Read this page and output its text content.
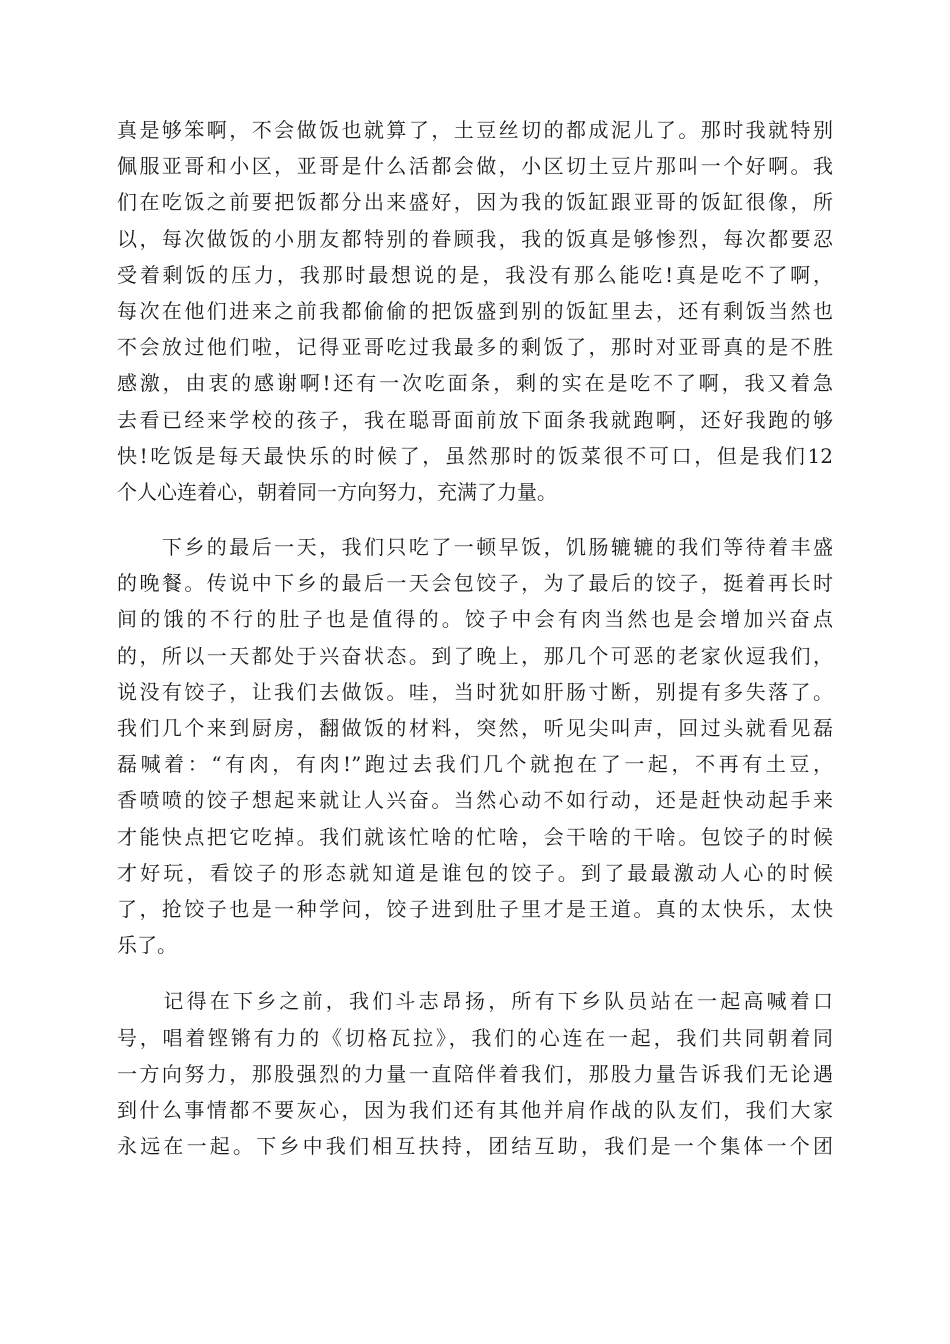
真是够笨啊，不会做饭也就算了，土豆丝切的都成泥儿了。那时我就特别
佩服亚哥和小区，亚哥是什么活都会做，小区切土豆片那叫一个好啊。我
们在吃饭之前要把饭都分出来盛好，因为我的饭缸跟亚哥的饭缸很像，所
以，每次做饭的小朋友都特别的眷顾我，我的饭真是够惨烈，每次都要忍
受着剩饭的压力，我那时最想说的是，我没有那么能吃!真是吃不了啊，
每次在他们进来之前我都偷偷的把饭盛到别的饭缸里去，还有剩饭当然也
不会放过他们啦，记得亚哥吃过我最多的剩饭了，那时对亚哥真的是不胜
感激，由衷的感谢啊!还有一次吃面条，剩的实在是吃不了啊，我又着急
去看已经来学校的孩子，我在聪哥面前放下面条我就跑啊，还好我跑的够
快!吃饭是每天最快乐的时候了，虽然那时的饭菜很不可口，但是我们12
个人心连着心，朝着同一方向努力，充满了力量。

　　下乡的最后一天，我们只吃了一顿早饭，饥肠辘辘的我们等待着丰盛
的晚餐。传说中下乡的最后一天会包饺子，为了最后的饺子，挺着再长时
间的饿的不行的肚子也是值得的。饺子中会有肉当然也是会增加兴奋点
的，所以一天都处于兴奋状态。到了晚上，那几个可恶的老家伙逗我们，
说没有饺子，让我们去做饭。哇，当时犹如肝肠寸断，别提有多失落了。
我们几个来到厨房，翻做饭的材料，突然，听见尖叫声，回过头就看见磊
磊喊着：“有肉，有肉!”跑过去我们几个就抱在了一起，不再有土豆，
香喷喷的饺子想起来就让人兴奋。当然心动不如行动，还是赶快动起手来
才能快点把它吃掉。我们就该忙啥的忙啥，会干啥的干啥。包饺子的时候
才好玩，看饺子的形态就知道是谁包的饺子。到了最最激动人心的时候
了，抢饺子也是一种学问，饺子进到肚子里才是王道。真的太快乐，太快
乐了。

　　记得在下乡之前，我们斗志昂扬，所有下乡队员站在一起高喊着口
号，唱着铿锵有力的《切格瓦拉》，我们的心连在一起，我们共同朝着同
一方向努力，那股强烈的力量一直陪伴着我们，那股力量告诉我们无论遇
到什么事情都不要灰心，因为我们还有其他并肩作战的队友们，我们大家
永远在一起。下乡中我们相互扶持，团结互助，我们是一个集体一个团
